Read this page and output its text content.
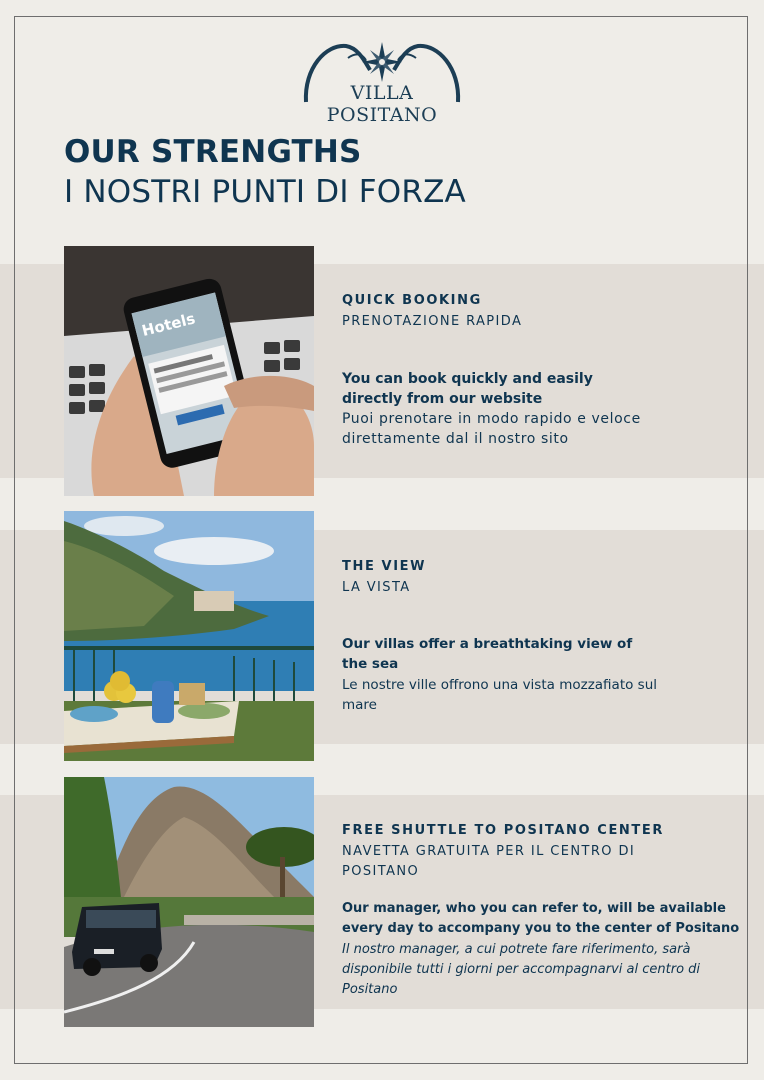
VILLA POSITANO
OUR STRENGTHS
I NOSTRI PUNTI DI FORZA
Hotels
QUICK BOOKING
PRENOTAZIONE RAPIDA
You can book quickly and easily directly from our website
Puoi prenotare in modo rapido e veloce direttamente dal il nostro sito
THE VIEW
LA VISTA
Our villas offer a breathtaking view of the sea
Le nostre ville offrono una vista mozzafiato sul mare
FREE SHUTTLE TO POSITANO CENTER
NAVETTA GRATUITA PER IL CENTRO DI POSITANO
Our manager, who you can refer to, will be available every day to accompany you to the center of Positano
Il nostro manager, a cui potrete fare riferimento, sarà disponibile tutti i giorni per accompagnarvi al centro di Positano
